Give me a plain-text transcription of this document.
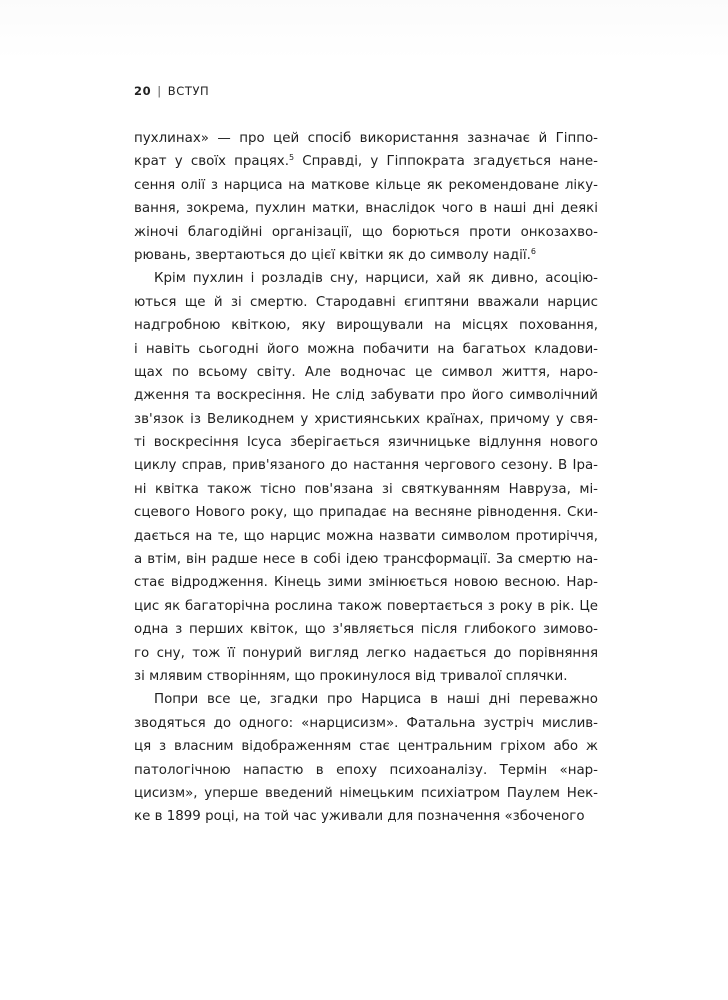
20 | ВСТУП
пухлинах» — про цей спосіб використання зазначає й Гіппо-
крат у своїх працях.$^5$ Справді, у Гіппократа згадується нане-
сення олії з нарциса на маткове кільце як рекомендоване ліку-
вання, зокрема, пухлин матки, внаслідок чого в наші дні деякі
жіночі благодійні організації, що борються проти онкозахво-
рювань, звертаються до цієї квітки як до символу надії.$^6$
Крім пухлин і розладів сну, нарциси, хай як дивно, асоцію-
ються ще й зі смертю. Стародавні єгиптяни вважали нарцис
надгробною квіткою, яку вирощували на місцях поховання,
і навіть сьогодні його можна побачити на багатьох кладови-
щах по всьому світу. Але водночас це символ життя, наро-
дження та воскресіння. Не слід забувати про його символічний
зв'язок із Великоднем у християнських країнах, причому у свя-
ті воскресіння Ісуса зберігається язичницьке відлуння нового
циклу справ, прив'язаного до настання чергового сезону. В Іра-
ні квітка також тісно пов'язана зі святкуванням Навруза, мі-
сцевого Нового року, що припадає на весняне рівнодення. Ски-
дається на те, що нарцис можна назвати символом протиріччя,
а втім, він радше несе в собі ідею трансформації. За смертю на-
стає відродження. Кінець зими змінюється новою весною. Нар-
цис як багаторічна рослина також повертається з року в рік. Це
одна з перших квіток, що з'являється після глибокого зимово-
го сну, тож її понурий вигляд легко надається до порівняння
зі млявим створінням, що прокинулося від тривалої сплячки.
Попри все це, згадки про Нарциса в наші дні переважно
зводяться до одного: «нарцисизм». Фатальна зустріч мислив-
ця з власним відображенням стає центральним гріхом або ж
патологічною напастю в епоху психоаналізу. Термін «нар-
цисизм», уперше введений німецьким психіатром Паулем Нек-
ке в 1899 році, на той час уживали для позначення «збоченого
